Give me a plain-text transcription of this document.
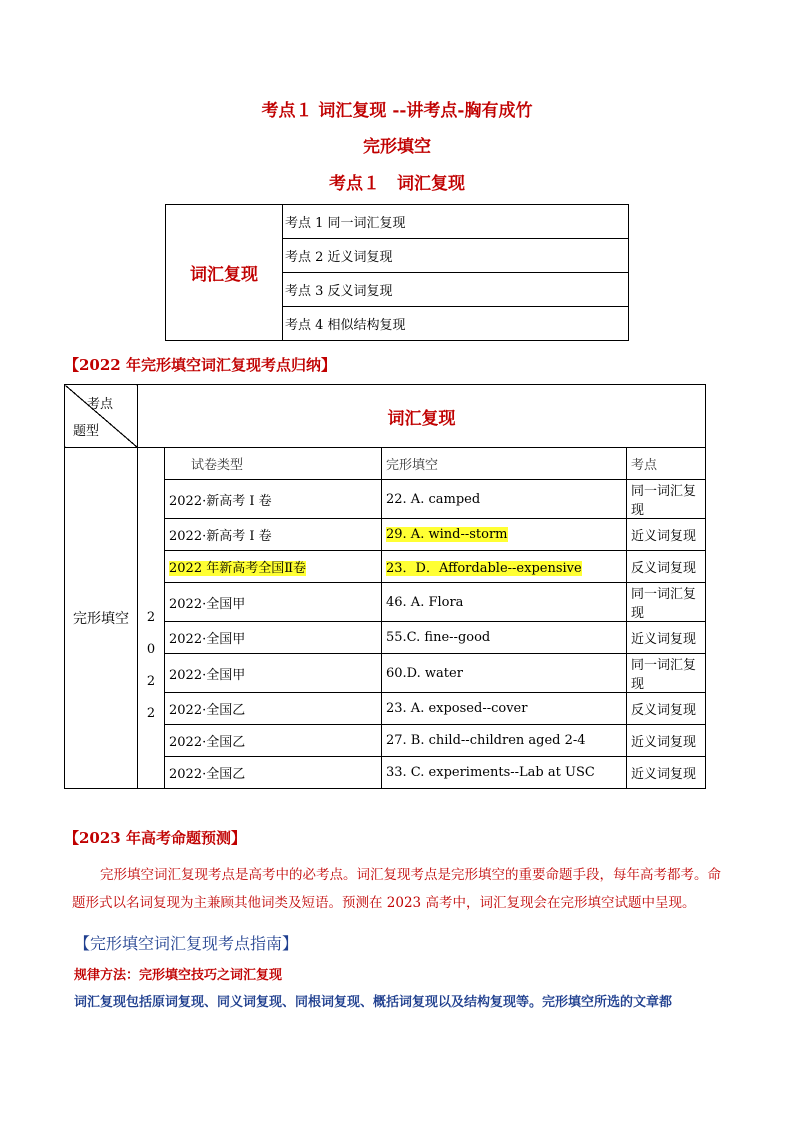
考点１ 词汇复现 --讲考点-胸有成竹
完形填空
考点１　词汇复现
词汇复现	考点 1 同一词汇复现
考点 2 近义词复现
考点 3 反义词复现
考点 4 相似结构复现
【2022 年完形填空词汇复现考点归纳】
考点
题型	词汇复现			
完形填空	2
0
2
2	试卷类型	完形填空	考点
		2022·新高考 I 卷	22. A. camped	同一词汇复现
		2022·新高考 I 卷	29. A. wind--storm	近义词复现
		2022 年新高考全国Ⅱ卷	23．D．Affordable--expensive	反义词复现
		2022·全国甲	46. A. Flora	同一词汇复现
		2022·全国甲	55.C. fine--good	近义词复现
		2022·全国甲	60.D. water	同一词汇复现
		2022·全国乙	23. A. exposed--cover	反义词复现
		2022·全国乙	27. B. child--children aged 2-4	近义词复现
		2022·全国乙	33. C. experiments--Lab at USC	近义词复现
【2023 年高考命题预测】
完形填空词汇复现考点是高考中的必考点。词汇复现考点是完形填空的重要命题手段，每年高考都考。命题形式以名词复现为主兼顾其他词类及短语。预测在 2023 高考中，词汇复现会在完形填空试题中呈现。
【完形填空词汇复现考点指南】
规律方法：完形填空技巧之词汇复现
词汇复现包括原词复现、同义词复现、同根词复现、概括词复现以及结构复现等。完形填空所选的文章都
